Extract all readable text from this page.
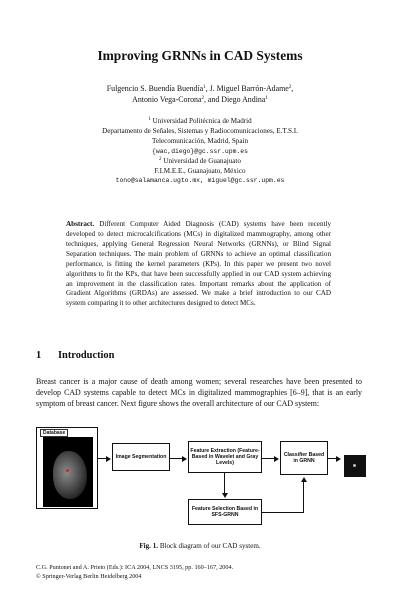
Improving GRNNs in CAD Systems
Fulgencio S. Buendía Buendía$^1$, J. Miguel Barrón-Adame$^2$,
Antonio Vega-Corona$^2$, and Diego Andina$^1$
$^1$ Universidad Politécnica de Madrid
Departamento de Señales, Sistemas y Radiocomunicaciones, E.T.S.I.
Telecomunicación, Madrid, Spain
{wac,diego}@gc.ssr.upm.es
$^2$ Universidad de Guanajuato
F.I.M.E.E., Guanajuato, México
tono@salamanca.ugto.mx, miguel@gc.ssr.upm.es
Abstract. Different Computer Aided Diagnosis (CAD) systems have been recently developed to detect microcalcifications (MCs) in digitalized mammography, among other techniques, applying General Regression Neural Networks (GRNNs), or Blind Signal Separation techniques. The main problem of GRNNs to achieve an optimal classification performance, is fitting the kernel parameters (KPs). In this paper we present two novel algorithms to fit the KPs, that have been successfully applied in our CAD system achieving an improvement in the classification rates. Important remarks about the application of Gradient Algorithms (GRDAs) are assessed. We make a brief introduction to our CAD system comparing it to other architectures designed to detect MCs.
1 Introduction
Breast cancer is a major cause of death among women; several researches have been presented to develop CAD systems capable to detect MCs in digitalized mammographies [6–9], that is an early symptom of breast cancer. Next figure shows the overall architecture of our CAD system:
Database
Image Segmentation
Feature Extraction (Feature-Based in Wavelet and Gray Levels)
Classifier Based in GRNN
Feature Selection Based in SFS-GRNN
Fig. 1. Block diagram of our CAD system.
C.G. Puntonet and A. Prieto (Eds.): ICA 2004, LNCS 3195, pp. 160–167, 2004.
© Springer-Verlag Berlin Heidelberg 2004
